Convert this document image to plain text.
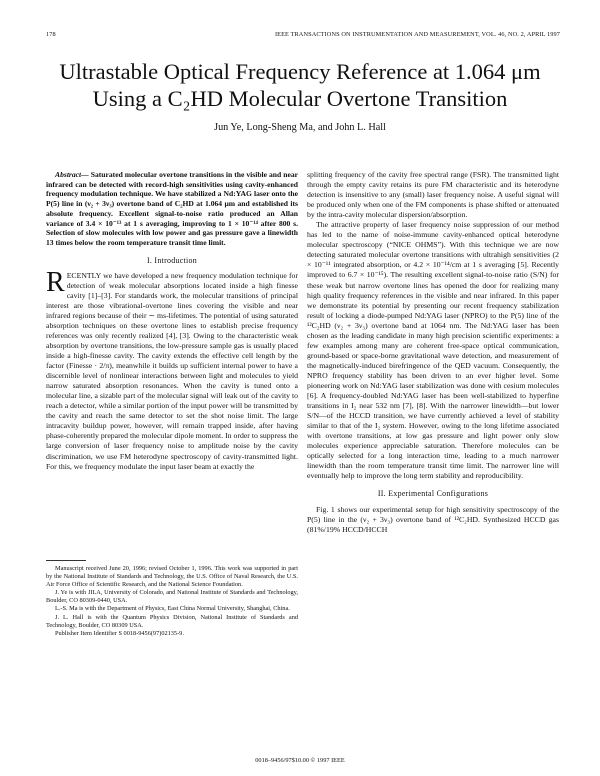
178	IEEE TRANSACTIONS ON INSTRUMENTATION AND MEASUREMENT, VOL. 46, NO. 2, APRIL 1997
Ultrastable Optical Frequency Reference at 1.064 μm
Using a C₂HD Molecular Overtone Transition
Jun Ye, Long-Sheng Ma, and John L. Hall

Abstract— Saturated molecular overtone transitions in the visible and near infrared can be detected with record-high sensitivities using cavity-enhanced frequency modulation technique. We have stabilized a Nd:YAG laser onto the P(5) line in (ν₂ + 3ν₃) overtone band of C₂HD at 1.064 μm and established its absolute frequency. Excellent signal-to-noise ratio produced an Allan variance of 3.4 × 10⁻¹³ at 1 s averaging, improving to 1 × 10⁻¹⁴ after 800 s. Selection of slow molecules with low power and gas pressure gave a linewidth 13 times below the room temperature transit time limit.

I. Introduction

RECENTLY we have developed a new frequency modulation technique for detection of weak molecular absorptions located inside a high finesse cavity [1]–[3]. For standards work, the molecular transitions of principal interest are those vibrational-overtone lines covering the visible and near infrared regions because of their ∼ ms-lifetimes. The potential of using saturated absorption techniques on these overtone lines to establish precise frequency references was only recently realized [4], [3]. Owing to the characteristic weak absorption by overtone transitions, the low-pressure sample gas is usually placed inside a high-finesse cavity. The cavity extends the effective cell length by the factor (Finesse · 2/π), meanwhile it builds up sufficient internal power to have a discernible level of nonlinear interactions between light and molecules to yield narrow saturated absorption resonances. When the cavity is tuned onto a molecular line, a sizable part of the molecular signal will leak out of the cavity to reach a detector, while a similar portion of the input power will be transmitted by the cavity and reach the same detector to set the shot noise limit. The large intracavity buildup power, however, will remain trapped inside, after having phase-coherently prepared the molecular dipole moment. In order to suppress the large conversion of laser frequency noise to amplitude noise by the cavity discrimination, we use FM heterodyne spectroscopy of cavity-transmitted light. For this, we frequency modulate the input laser beam at exactly the

Manuscript received June 20, 1996; revised October 1, 1996. This work was supported in part by the National Institute of Standards and Technology, the U.S. Office of Naval Research, the U.S. Air Force Office of Scientific Research, and the National Science Foundation.

J. Ye is with JILA, University of Colorado, and National Institute of Standards and Technology, Boulder, CO 80309-0440, USA.

L.-S. Ma is with the Department of Physics, East China Normal University, Shanghai, China.

J. L. Hall is with the Quantum Physics Division, National Institute of Standards and Technology, Boulder, CO 80309 USA.

Publisher Item Identifier S 0018-9456(97)02135-9.

splitting frequency of the cavity free spectral range (FSR). The transmitted light through the empty cavity retains its pure FM characteristic and its heterodyne detection is insensitive to any (small) laser frequency noise. A useful signal will be produced only when one of the FM components is phase shifted or attenuated by the intra-cavity molecular dispersion/absorption.

The attractive property of laser frequency noise suppression of our method has led to the name of noise-immune cavity-enhanced optical heterodyne molecular spectroscopy (“NICE OHMS”). With this technique we are now detecting saturated molecular overtone transitions with ultrahigh sensitivities (2 × 10⁻¹¹ integrated absorption, or 4.2 × 10⁻¹⁴/cm at 1 s averaging [5]. Recently improved to 6.7 × 10⁻¹⁵). The resulting excellent signal-to-noise ratio (S/N) for these weak but narrow overtone lines has opened the door for realizing many high quality frequency references in the visible and near infrared. In this paper we demonstrate its potential by presenting our recent frequency stabilization result of locking a diode-pumped Nd:YAG laser (NPRO) to the P(5) line of the ¹²C₂HD (ν₂ + 3ν₃) overtone band at 1064 nm. The Nd:YAG laser has been chosen as the leading candidate in many high precision scientific experiments: a few examples among many are coherent free-space optical communication, ground-based or space-borne gravitational wave detection, and measurement of the magnetically-induced birefringence of the QED vacuum. Consequently, the NPRO frequency stability has been driven to an ever higher level. Some pioneering work on Nd:YAG laser stabilization was done with cesium molecules [6]. A frequency-doubled Nd:YAG laser has been well-stabilized to hyperfine transitions in I₂ near 532 nm [7], [8]. With the narrower linewidth—but lower S/N—of the HCCD transition, we have currently achieved a level of stability similar to that of the I₂ system. However, owing to the long lifetime associated with overtone transitions, at low gas pressure and light power only slow molecules experience appreciable saturation. Therefore molecules can be optically selected for a long interaction time, leading to a much narrower linewidth than the room temperature transit time limit. The narrower line will eventually help to improve the long term stability and reproducibility.

II. Experimental Configurations

Fig. 1 shows our experimental setup for high sensitivity spectroscopy of the P(5) line in the (ν₂ + 3ν₃) overtone band of ¹²C₂HD. Synthesized HCCD gas (81%/19% HCCD/HCCH

0018–9456/97$10.00 © 1997 IEEE
